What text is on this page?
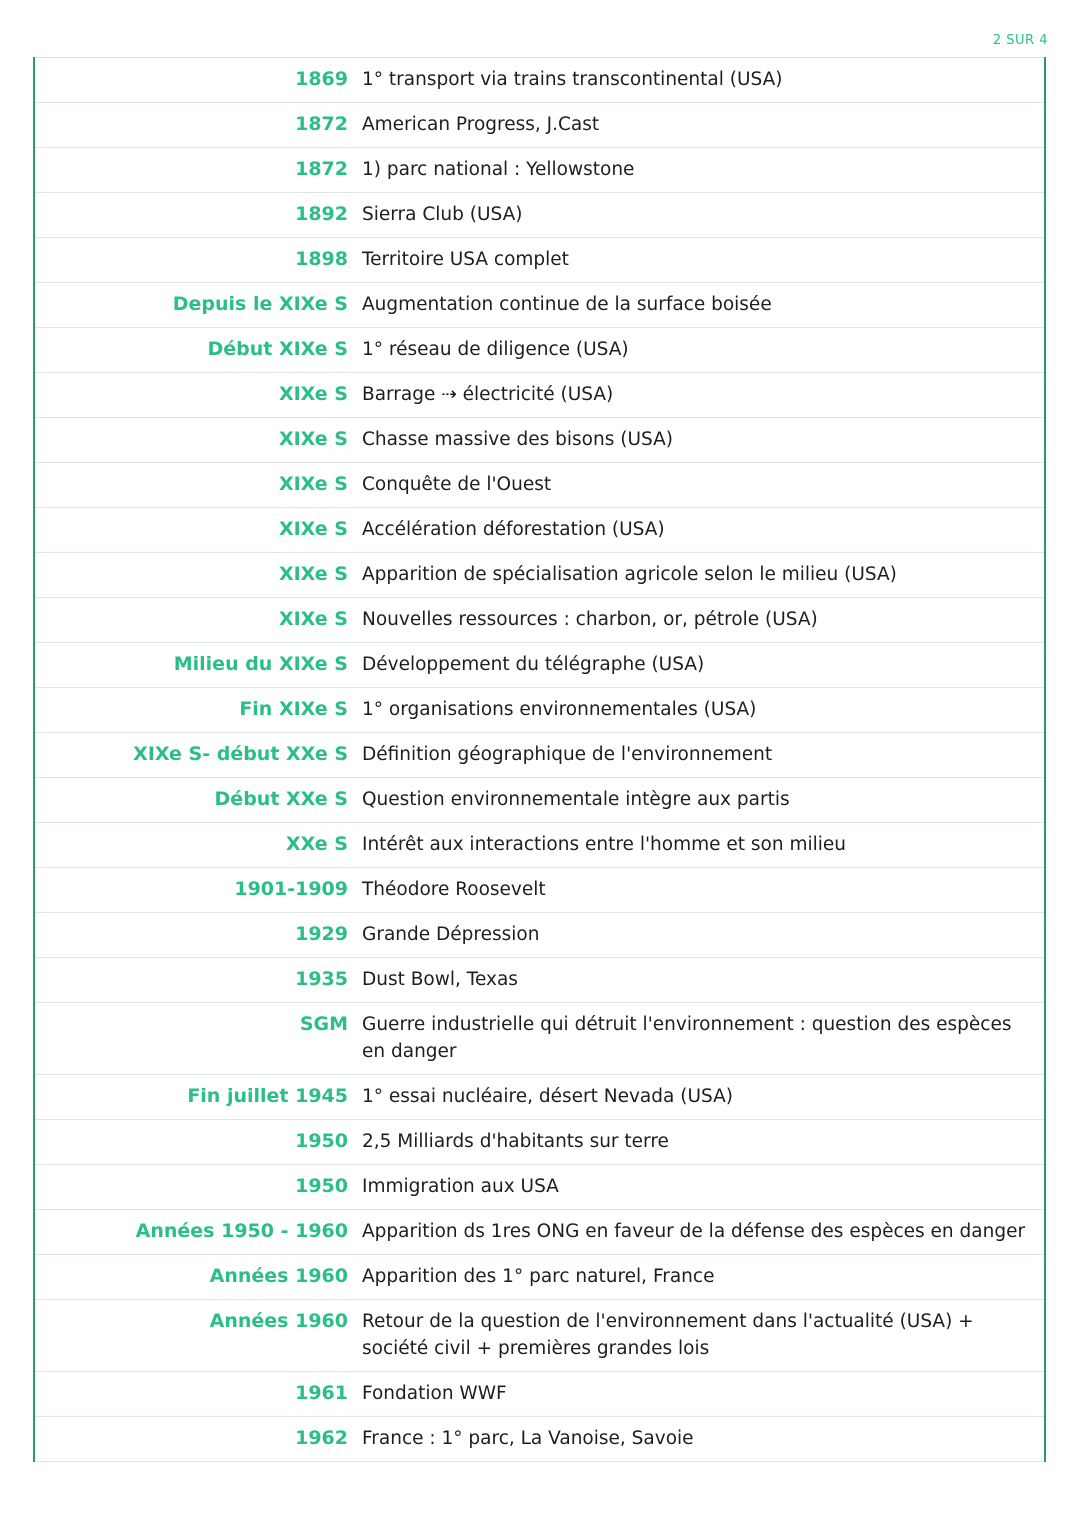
2 SUR 4
1869 1° transport via trains transcontinental (USA)
1872 American Progress, J.Cast
1872 1) parc national : Yellowstone
1892 Sierra Club (USA)
1898 Territoire USA complet
Depuis le XIXe S Augmentation continue de la surface boisée
Début XIXe S 1° réseau de diligence (USA)
XIXe S Barrage ⇢ électricité (USA)
XIXe S Chasse massive des bisons (USA)
XIXe S Conquête de l'Ouest
XIXe S Accélération déforestation (USA)
XIXe S Apparition de spécialisation agricole selon le milieu (USA)
XIXe S Nouvelles ressources : charbon, or, pétrole (USA)
Milieu du XIXe S Développement du télégraphe (USA)
Fin XIXe S 1° organisations environnementales (USA)
XIXe S- début XXe S Définition géographique de l'environnement
Début XXe S Question environnementale intègre aux partis
XXe S Intérêt aux interactions entre l'homme et son milieu
1901-1909 Théodore Roosevelt
1929 Grande Dépression
1935 Dust Bowl, Texas
SGM Guerre industrielle qui détruit l'environnement : question des espèces en danger
Fin juillet 1945 1° essai nucléaire, désert Nevada (USA)
1950 2,5 Milliards d'habitants sur terre
1950 Immigration aux USA
Années 1950 - 1960 Apparition ds 1res ONG en faveur de la défense des espèces en danger
Années 1960 Apparition des 1° parc naturel, France
Années 1960 Retour de la question de l'environnement dans l'actualité (USA) + société civil + premières grandes lois
1961 Fondation WWF
1962 France : 1° parc, La Vanoise, Savoie
